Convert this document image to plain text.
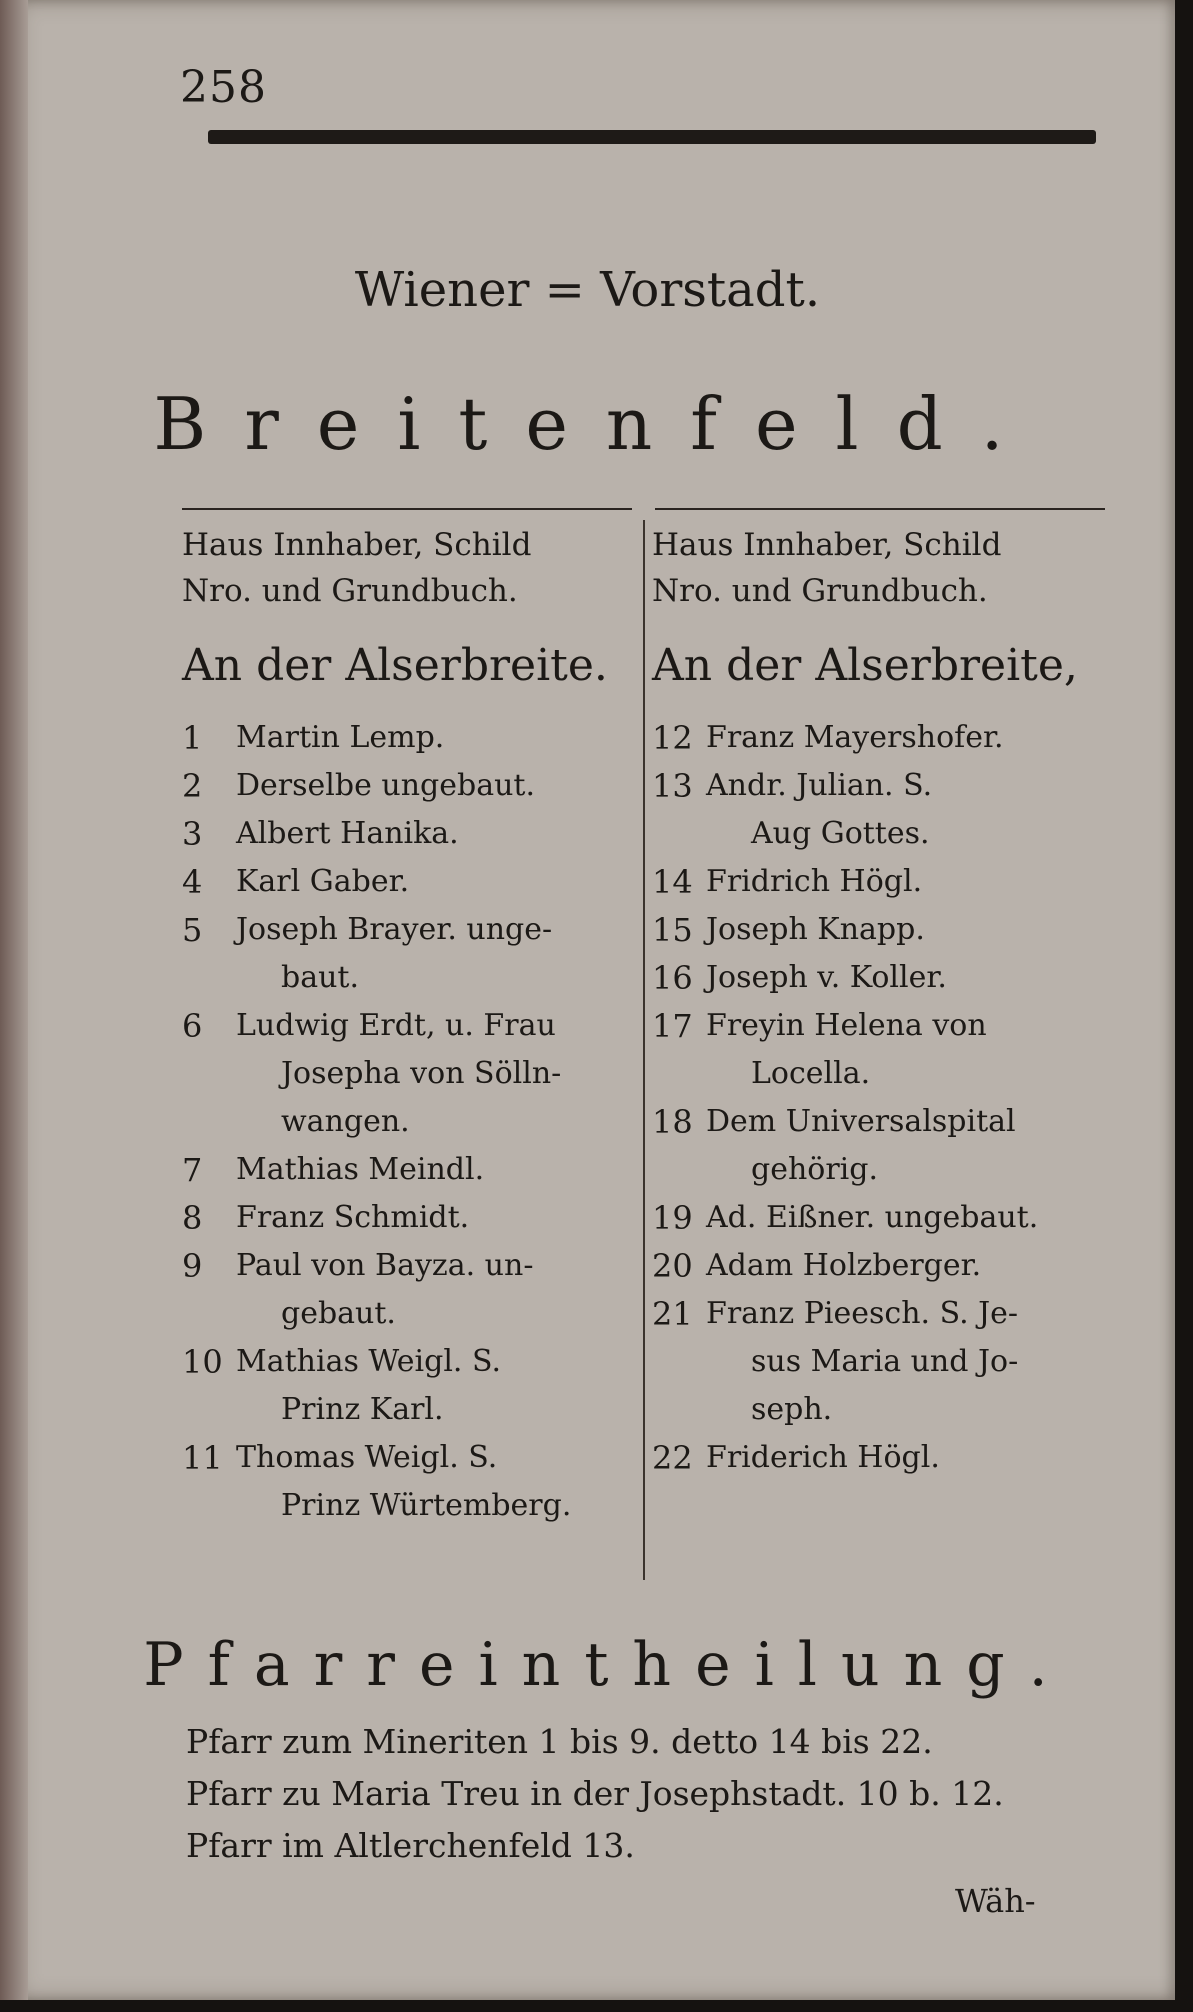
258
Wiener = Vorstadt.
Breitenfeld.
Haus Innhaber, Schild
Nro. und Grundbuch.
An der Alserbreite.
1	Martin Lemp.
2	Derselbe ungebaut.
3	Albert Hanika.
4	Karl Gaber.
5	Joseph Brayer. unge-
baut.
6	Ludwig Erdt, u. Frau
Josepha von Sölln-
wangen.
7	Mathias Meindl.
8	Franz Schmidt.
9	Paul von Bayza. un-
gebaut.
10 Mathias Weigl. S.
Prinz Karl.
11 Thomas Weigl. S.
Prinz Würtemberg.
Haus Innhaber, Schild
Nro. und Grundbuch.
An der Alserbreite,
12 Franz Mayershofer.
13 Andr. Julian. S.
Aug Gottes.
14 Fridrich Högl.
15 Joseph Knapp.
16 Joseph v. Koller.
17 Freyin Helena von
Locella.
18 Dem Universalspital
gehörig.
19 Ad. Eißner. ungebaut.
20 Adam Holzberger.
21 Franz Pieesch. S. Je-
sus Maria und Jo-
seph.
22 Friderich Högl.
Pfarreintheilung.
Pfarr zum Mineriten 1 bis 9. detto 14 bis 22.
Pfarr zu Maria Treu in der Josephstadt. 10 b. 12.
Pfarr im Altlerchenfeld 13.
Wäh-
